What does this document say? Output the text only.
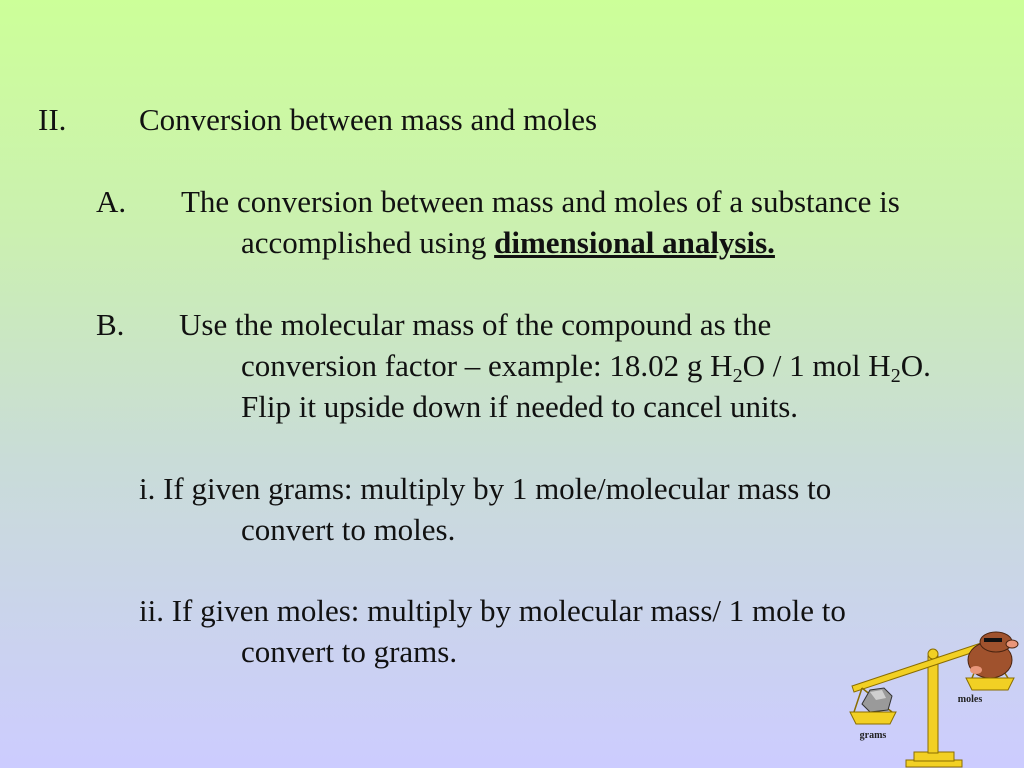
II. Conversion between mass and moles
A. The conversion between mass and moles of a substance is
accomplished using dimensional analysis.
B. Use the molecular mass of the compound as the
conversion factor – example: 18.02 g $H_2O / 1$ mol $H_2O$.
Flip it upside down if needed to cancel units.
i. If given grams: multiply by 1 mole/molecular mass to
convert to moles.
ii. If given moles: multiply by molecular mass/ 1 mole to
convert to grams.
grams
moles
